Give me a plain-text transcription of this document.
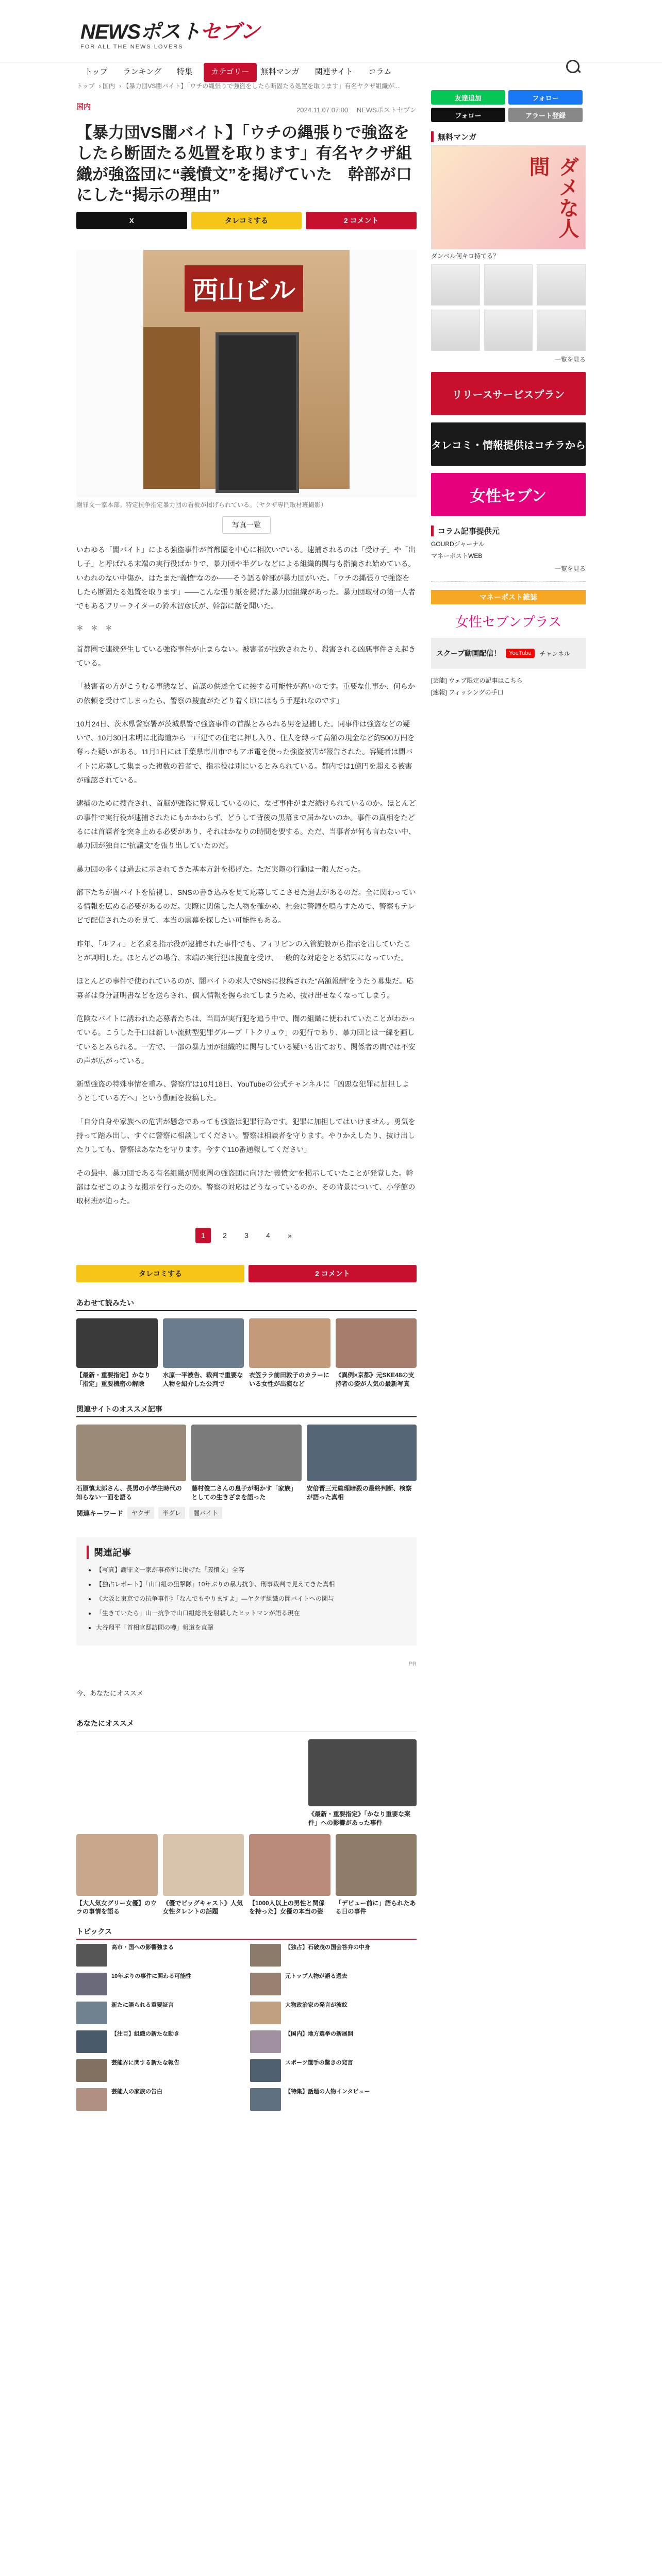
NEWSポストセブン
FOR ALL THE NEWS LOVERS
トップ	ランキング	特集	カテゴリー	無料マンガ	関連サイト	コラム
トップ › 国内 › 【暴力団VS闇バイト】「ウチの縄張りで強盗をしたら断固たる処置を取ります」有名ヤクザ組織が...
国内	2024.11.07 07:00　 NEWSポストセブン
【暴力団VS闇バイト】「ウチの縄張りで強盗をしたら断固たる処置を取ります」有名ヤクザ組織が強盗団に“義憤文”を掲げていた　幹部が口にした“掲示の理由”
X	タレコミする	2 コメント
西山ビル
謝罪文一家本部。特定抗争指定暴力団の看板が掲げられている。（ヤクザ専門取材班撮影）
写真一覧

いわゆる「闇バイト」による強盗事件が首都圏を中心に相次いでいる。逮捕されるのは「受け子」や「出し子」と呼ばれる末端の実行役ばかりで、暴力団や半グレなどによる組織的関与も指摘され始めている。いわれのない中傷か、はたまた“義憤”なのか——そう語る幹部が暴力団がいた。「ウチの縄張りで強盗をしたら断固たる処置を取ります」——こんな張り紙を掲げた暴力団組織があった。暴力団取材の第一人者でもあるフリーライターの鈴木智彦氏が、幹部に話を聞いた。

＊　＊　＊

首都圏で連続発生している強盗事件が止まらない。被害者が拉致されたり、殺害される凶悪事件さえ起きている。

「被害者の方がこうむる事態など、首謀の供述全てに接する可能性が高いのです。重要な仕事か、何らかの依頼を受けてしまったら、警察の捜査がたどり着く頃にはもう手遅れなのです」

10月24日、茨木県警察署が茨城県警で強盗事件の首謀とみられる男を逮捕した。同事件は強盗などの疑いで、10月30日未明に北海道から一戸建ての住宅に押し入り、住人を縛って高額の現金など約500万円を奪った疑いがある。11月1日には千葉県市川市でもアポ電を使った強盗被害が報告された。容疑者は闇バイトに応募して集まった複数の若者で、指示役は別にいるとみられている。都内では1億円を超える被害が確認されている。

逮捕のために捜査され、首脳が強盗に警戒しているのに、なぜ事件がまだ続けられているのか。ほとんどの事件で実行役が逮捕されたにもかかわらず、どうして背後の黒幕まで届かないのか。事件の真相をたどるには首謀者を突き止める必要があり、それはかなりの時間を要する。ただ、当事者が何も言わない中、暴力団が独自に“抗議文”を張り出していたのだ。

暴力団の多くは過去に示されてきた基本方針を掲げた。ただ実際の行動は一般人だった。

部下たちが闇バイトを監視し、SNSの書き込みを見て応募してこさせた過去があるのだ。全に関わっている情報を広める必要があるのだ。実際に関係した人物を確かめ、社会に警鐘を鳴らすためで、警察もテレビで配信されたのを見て、本当の黒幕を探したい可能性もある。

昨年、「ルフィ」と名乗る指示役が逮捕された事件でも、フィリピンの入管施設から指示を出していたことが判明した。ほとんどの場合、末端の実行犯は捜査を受け、一般的な対応をとる結果になっていた。

ほとんどの事件で使われているのが、闇バイトの求人でSNSに投稿された“高額報酬”をうたう募集だ。応募者は身分証明書などを送らされ、個人情報を握られてしまうため、抜け出せなくなってしまう。

危険なバイトに誘われた応募者たちは、当局が実行犯を追う中で、闇の組織に使われていたことがわかっている。こうした手口は新しい流動型犯罪グループ「トクリュウ」の犯行であり、暴力団とは一線を画しているとみられる。一方で、一部の暴力団が組織的に関与している疑いも出ており、関係者の間では不安の声が広がっている。

新型強盗の特殊事情を重み、警察庁は10月18日、YouTubeの公式チャンネルに「凶悪な犯罪に加担しようとしている方へ」という動画を投稿した。

「自分自身や家族への危害が懸念であっても強盗は犯罪行為です。犯罪に加担してはいけません。勇気を持って踏み出し、すぐに警察に相談してください。警察は相談者を守ります。やりかえしたり、抜け出したりしても、警察はあなたを守ります。今すぐ110番通報してください」

その最中、暴力団である有名組織が関東圏の強盗団に向けた“義憤文”を掲示していたことが発覚した。幹部はなぜこのような掲示を行ったのか。警察の対応はどうなっているのか、その背景について、小学館の取材班が迫った。

1	2	3	4	»
タレコミする	2 コメント
あわせて読みたい
【最新・重要指定】かなり「指定」重要機密の解除
水原一平被告、裁判で重要な人物を紹介した公判で
衣笠ララ前田敦子のカラーにいる女性が出演など
《異例×京都》元SKE48の支持者の姿が人気の最新写真
関連サイトのオススメ記事
石原慎太郎さん、長男の小学生時代の知らない一面を語る
藤村俊二さんの息子が明かす「家族」としての生きざまを語った
安倍晋三元総理暗殺の最終判断、検察が語った真相
関連キーワード	ヤクザ	半グレ	闇バイト
関連記事
• 【写真】謝罪文一家が事務所に掲げた「義憤文」全容
• 【独占レポート】「山口組の狙撃隊」10年ぶりの暴力抗争、刑事裁判で見えてきた真相
• 《大阪と東京での抗争事件》「なんでもやりますよ」—ヤクザ組織の闇バイトへの関与
• 「生きていたら」山一抗争で山口組総長を射殺したヒットマンが語る現在
• 大谷翔平「首相官邸訪問の噂」報道を直撃
PR
今、あなたにオススメ
あなたにオススメ
《最新・重要指定》「かなり重要な案件」への影響があった事件
【大人気女グリー女優】のウラの事情を語る
《優でビッグキャスト》人気女性タレントの話題
【1000人以上の男性と関係を持った】女優の本当の姿
「デビュー前に」語られたある日の事件
トピックス
高市・国への影響強まる	【独占】石破茂の国会答弁の中身
10年ぶりの事件に関わる可能性	元トップ人物が語る過去
新たに語られる重要証言	大物政治家の発言が波紋
【注目】組織の新たな動き	【国内】地方選挙の新展開
芸能界に関する新たな報告	スポーツ選手の驚きの発言
芸能人の家族の告白	【特集】話題の人物インタビュー
友達追加	フォロー
フォロー	アラート登録
無料マンガ
ダメな人間
ダンベル何キロ持てる？
一覧を見る
リリースサービスプラン
タレコミ・情報提供はコチラから
女性セブン
コラム記事提供元
GOURDジャーナル
マネーポストWEB
一覧を見る
マネーポスト雑誌
女性セブンプラス
スクープ動画配信！	YouTube	チャンネル
[芸能] ウェブ限定の記事はこちら
[速報] フィッシングの手口
